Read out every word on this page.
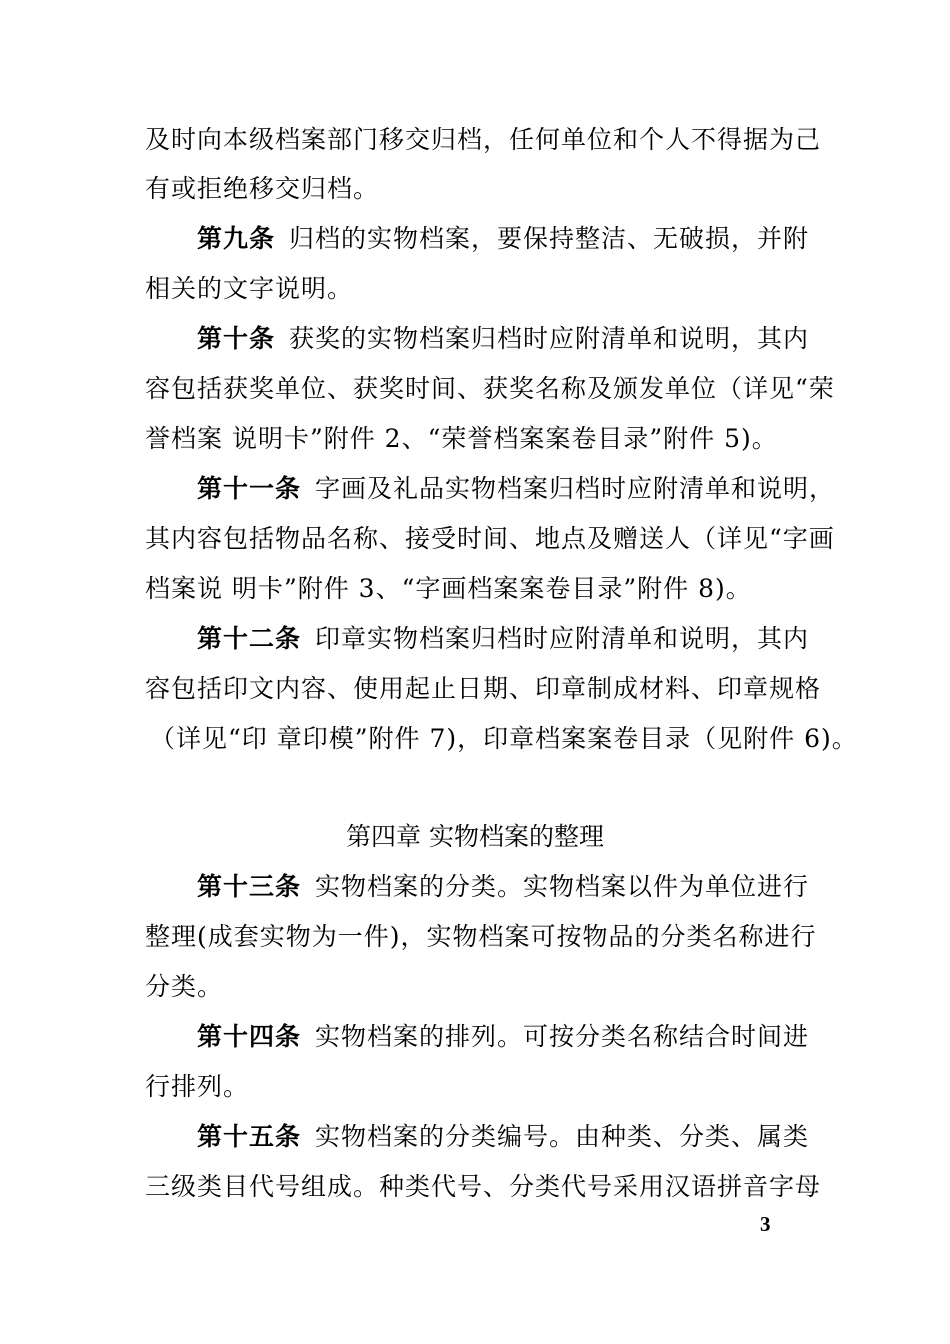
及时向本级档案部门移交归档，任何单位和个人不得据为己
有或拒绝移交归档。
第九条 归档的实物档案，要保持整洁、无破损，并附
相关的文字说明。
第十条 获奖的实物档案归档时应附清单和说明，其内
容包括获奖单位、获奖时间、获奖名称及颁发单位（详见“荣
誉档案 说明卡”附件 2、“荣誉档案案卷目录”附件 5)。
第十一条 字画及礼品实物档案归档时应附清单和说明，
其内容包括物品名称、接受时间、地点及赠送人（详见“字画
档案说 明卡”附件 3、“字画档案案卷目录”附件 8)。
第十二条 印章实物档案归档时应附清单和说明，其内
容包括印文内容、使用起止日期、印章制成材料、印章规格
（详见“印 章印模”附件 7)，印章档案案卷目录（见附件 6)。
第四章 实物档案的整理
第十三条 实物档案的分类。实物档案以件为单位进行
整理(成套实物为一件)，实物档案可按物品的分类名称进行
分类。
第十四条 实物档案的排列。可按分类名称结合时间进
行排列。
第十五条 实物档案的分类编号。由种类、分类、属类
三级类目代号组成。种类代号、分类代号采用汉语拼音字母
3
